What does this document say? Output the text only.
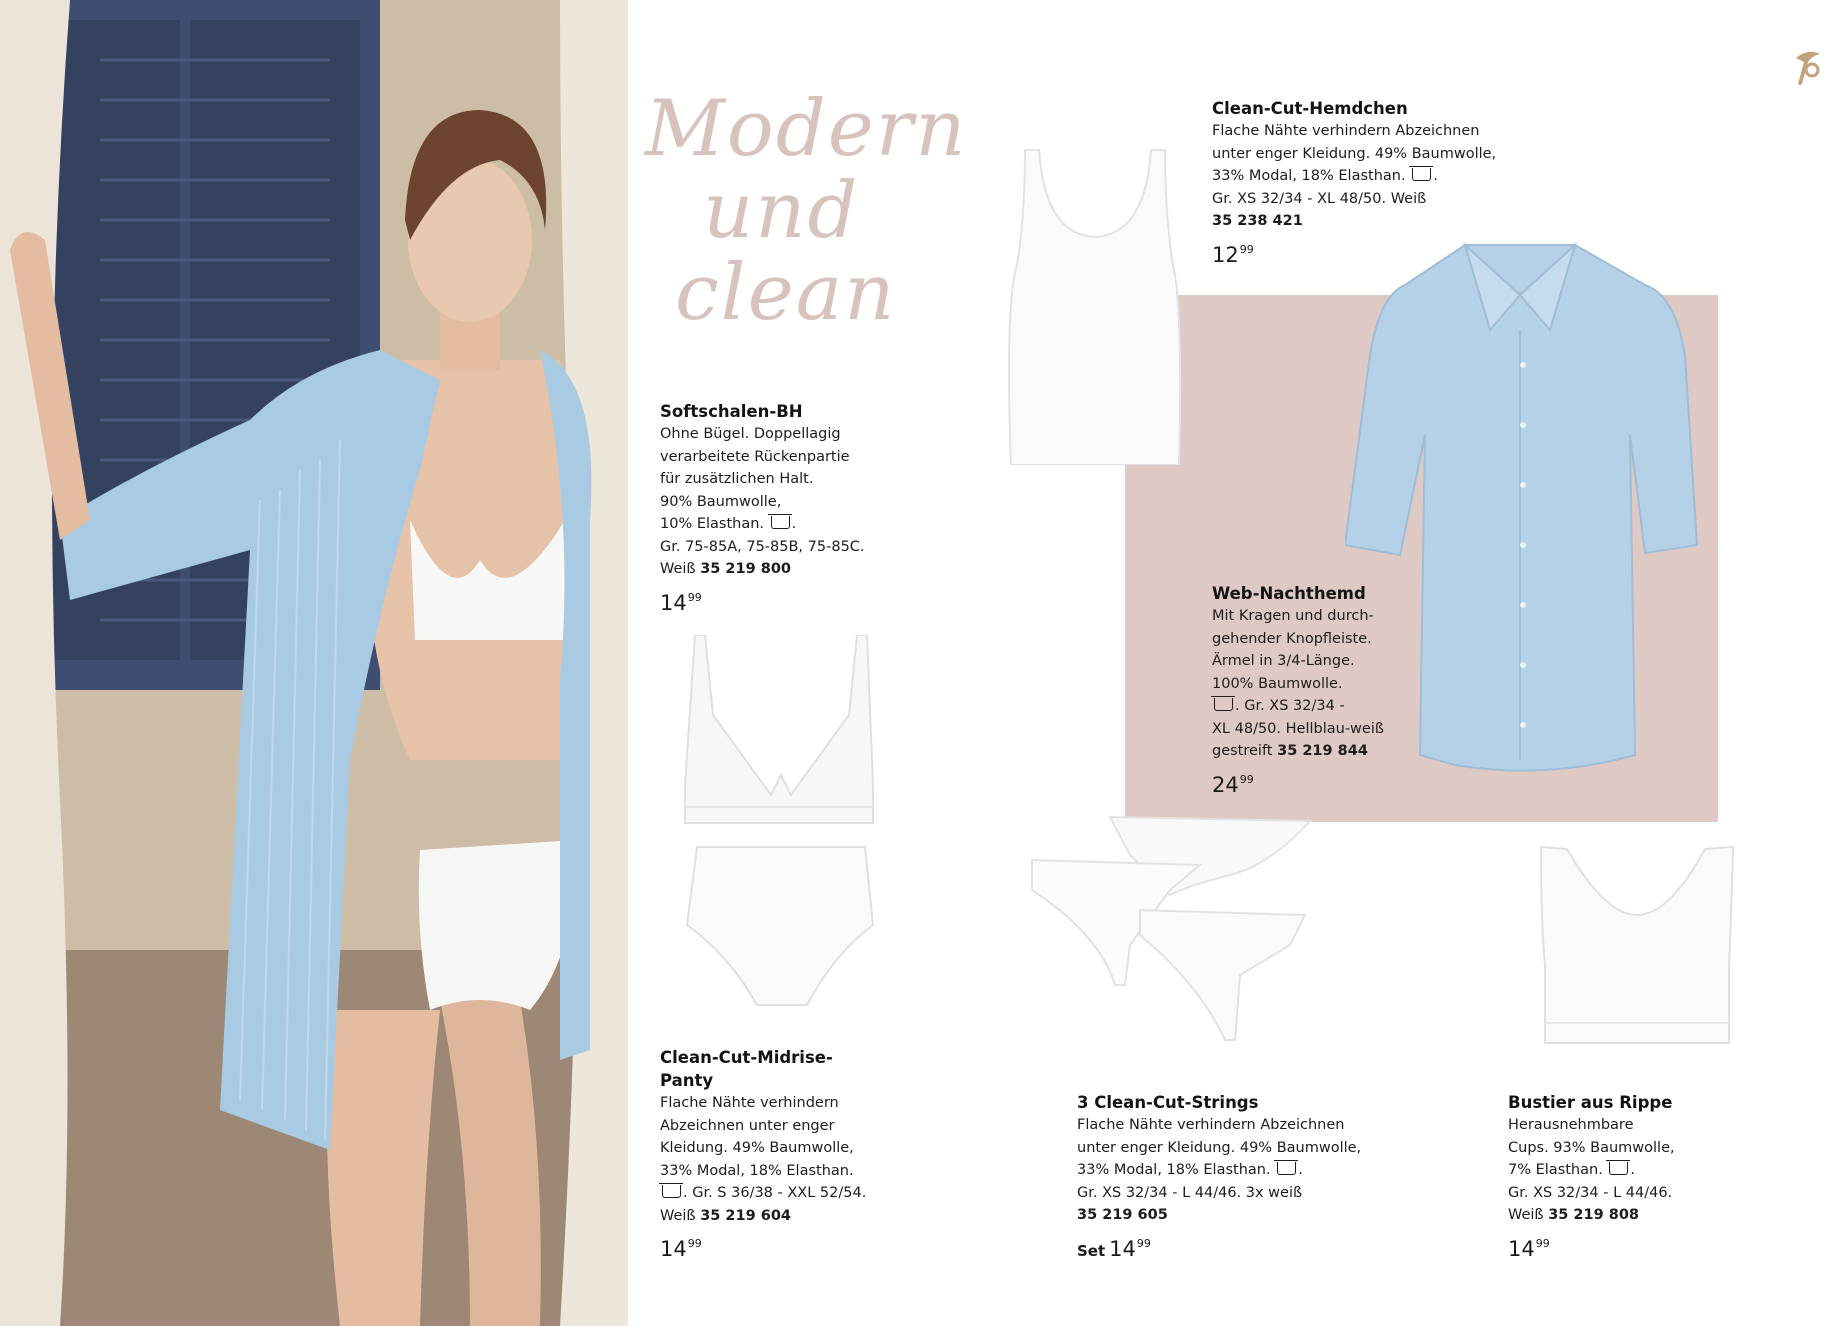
Modern
und
clean
Softschalen-BH
Ohne Bügel. Doppellagig
verarbeitete Rückenpartie
für zusätzlichen Halt.
90% Baumwolle,
10% Elasthan. .
Gr. 75-85A, 75-85B, 75-85C.
Weiß 35 219 800
$14^{99}$
Clean-Cut-Midrise-
Panty
Flache Nähte verhindern
Abzeichnen unter enger
Kleidung. 49% Baumwolle,
33% Modal, 18% Elasthan.
. Gr. S 36/38 - XXL 52/54.
Weiß 35 219 604
$14^{99}$
Clean-Cut-Hemdchen
Flache Nähte verhindern Abzeichnen
unter enger Kleidung. 49% Baumwolle,
33% Modal, 18% Elasthan. .
Gr. XS 32/34 - XL 48/50. Weiß
35 238 421
$12^{99}$
Web-Nachthemd
Mit Kragen und durch-
gehender Knopfleiste.
Ärmel in 3/4-Länge.
100% Baumwolle.
. Gr. XS 32/34 -
XL 48/50. Hellblau-weiß
gestreift 35 219 844
$24^{99}$
3 Clean-Cut-Strings
Flache Nähte verhindern Abzeichnen
unter enger Kleidung. 49% Baumwolle,
33% Modal, 18% Elasthan. .
Gr. XS 32/34 - L 44/46. 3x weiß
35 219 605
Set $14^{99}$
Bustier aus Rippe
Herausnehmbare
Cups. 93% Baumwolle,
7% Elasthan. .
Gr. XS 32/34 - L 44/46.
Weiß 35 219 808
$14^{99}$
